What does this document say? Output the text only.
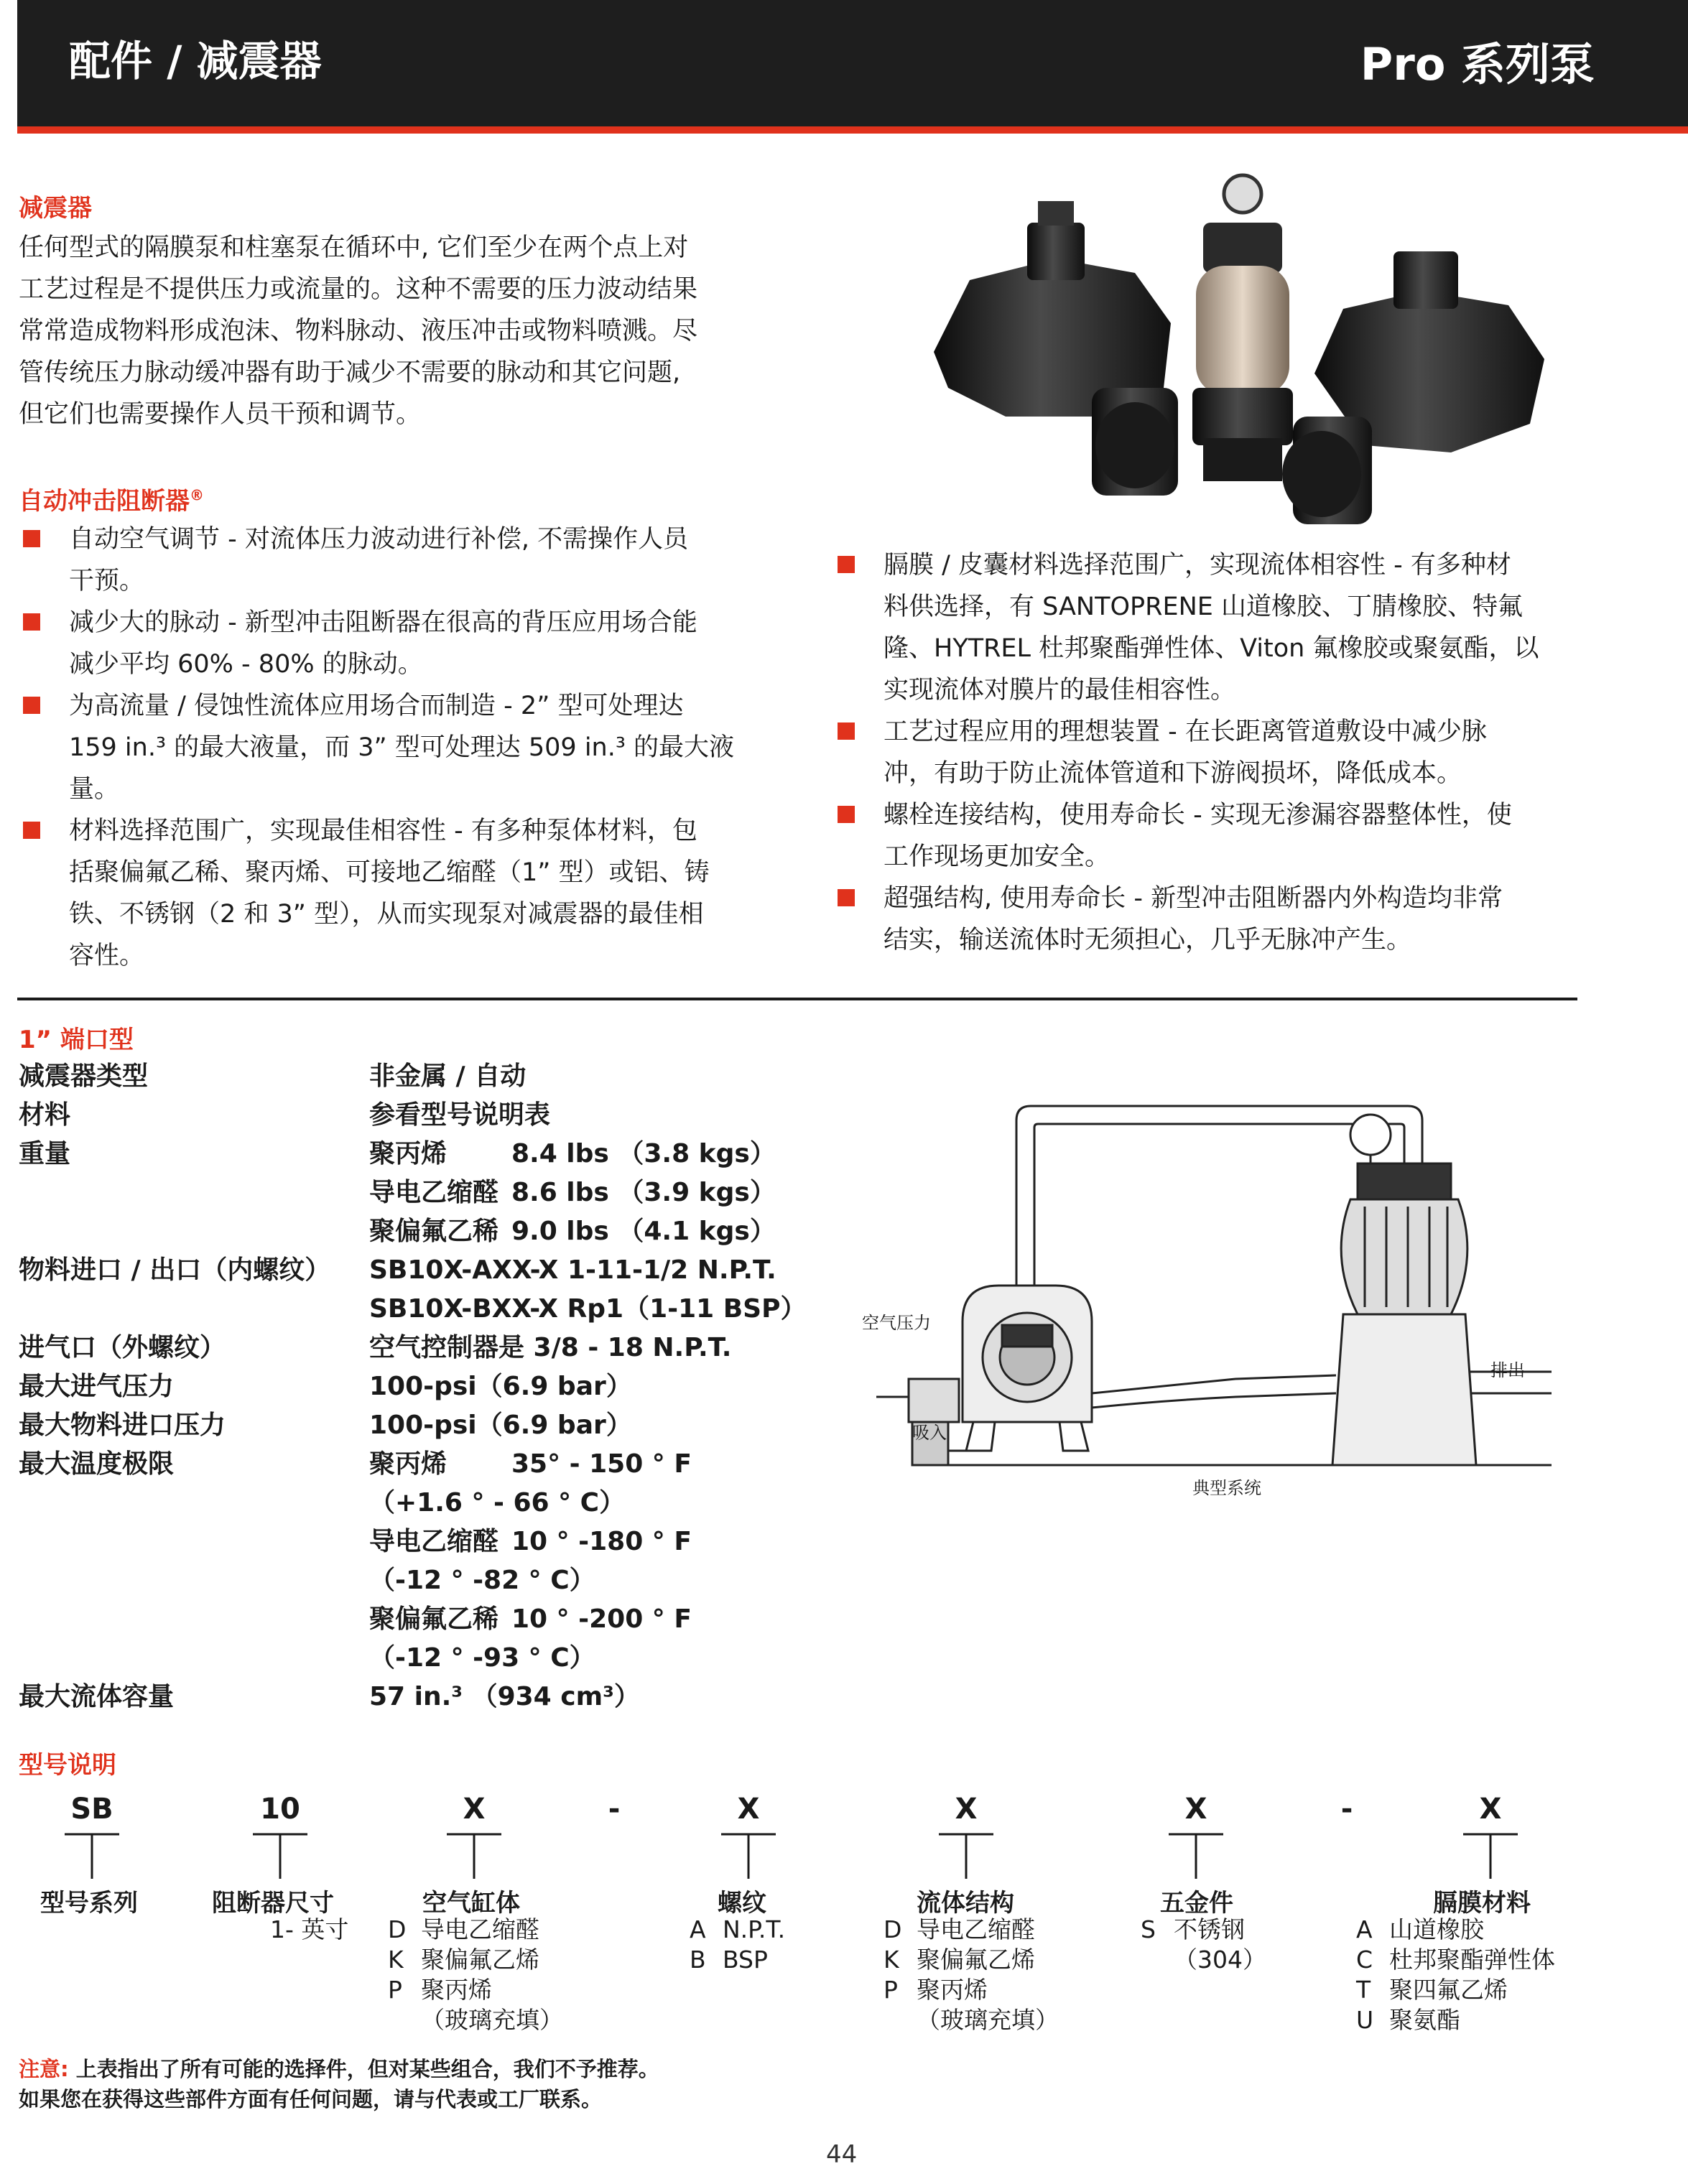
配件 / 减震器	Pro 系列泵
减震器
任何型式的隔膜泵和柱塞泵在循环中, 它们至少在两个点上对
工艺过程是不提供压力或流量的。这种不需要的压力波动结果
常常造成物料形成泡沫、物料脉动、液压冲击或物料喷溅。尽
管传统压力脉动缓冲器有助于减少不需要的脉动和其它问题,
但它们也需要操作人员干预和调节。
自动冲击阻断器®
自动空气调节 - 对流体压力波动进行补偿, 不需操作人员
干预。
减少大的脉动 - 新型冲击阻断器在很高的背压应用场合能
减少平均 60% - 80% 的脉动。
为高流量 / 侵蚀性流体应用场合而制造 - 2” 型可处理达
159 in.³ 的最大液量，而 3” 型可处理达 509 in.³ 的最大液
量。
材料选择范围广，实现最佳相容性 - 有多种泵体材料，包
括聚偏氟乙稀、聚丙烯、可接地乙缩醛（1” 型）或铝、铸
铁、不锈钢（2 和 3” 型），从而实现泵对减震器的最佳相
容性。
膈膜 / 皮囊材料选择范围广，实现流体相容性 - 有多种材
料供选择，有 SANTOPRENE 山道橡胶、丁腈橡胶、特氟
隆、HYTREL 杜邦聚酯弹性体、Viton 氟橡胶或聚氨酯，以
实现流体对膜片的最佳相容性。
工艺过程应用的理想装置 - 在长距离管道敷设中减少脉
冲，有助于防止流体管道和下游阀损坏，降低成本。
螺栓连接结构，使用寿命长 - 实现无渗漏容器整体性，使
工作现场更加安全。
超强结构, 使用寿命长 - 新型冲击阻断器内外构造均非常
结实，输送流体时无须担心，几乎无脉冲产生。
1” 端口型
减震器类型	非金属 / 自动
材料	参看型号说明表
重量	聚丙烯 8.4 lbs （3.8 kgs）
导电乙缩醛 8.6 lbs （3.9 kgs）
聚偏氟乙稀 9.0 lbs （4.1 kgs）
物料进口 / 出口（内螺纹） SB10X-AXX-X 1-11-1/2 N.P.T.
SB10X-BXX-X Rp1（1-11 BSP）
进气口（外螺纹）	空气控制器是 3/8 - 18 N.P.T.
最大进气压力	100-psi（6.9 bar）
最大物料进口压力	100-psi（6.9 bar）
最大温度极限	聚丙烯 35° - 150 ° F
（+1.6 ° - 66 ° C）
导电乙缩醛 10 ° -180 ° F
（-12 ° -82 ° C）
聚偏氟乙稀 10 ° -200 ° F
（-12 ° -93 ° C）
最大流体容量	57 in.³ （934 cm³）
空气压力
吸入
排出
典型系统
型号说明
SB	10	X	-	X	X	X	-	X
型号系列	阻断器尺寸
1- 英寸
空气缸体
D 导电乙缩醛
K 聚偏氟乙烯
P 聚丙烯
（玻璃充填）
螺纹
A N.P.T.
B BSP
流体结构
D 导电乙缩醛
K 聚偏氟乙烯
P 聚丙烯
（玻璃充填）
五金件
S 不锈钢
（304）
膈膜材料
A 山道橡胶
C 杜邦聚酯弹性体
T 聚四氟乙烯
U 聚氨酯
注意: 上表指出了所有可能的选择件，但对某些组合，我们不予推荐。
如果您在获得这些部件方面有任何问题，请与代表或工厂联系。
44
